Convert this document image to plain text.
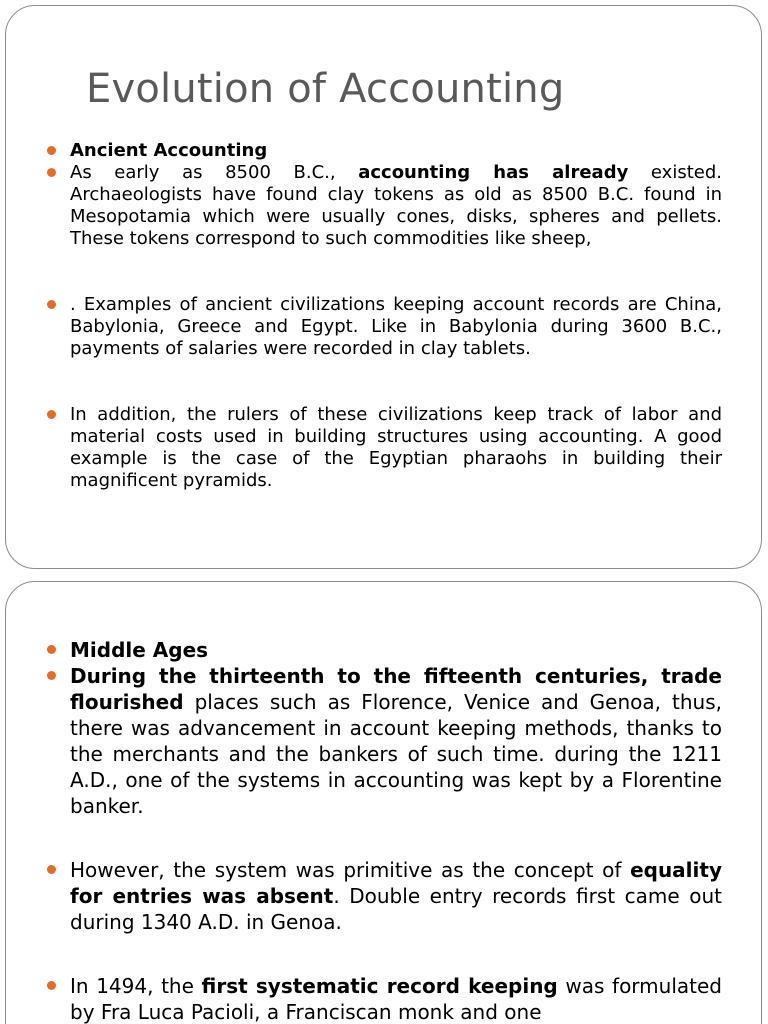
Evolution of Accounting
Ancient Accounting
As early as 8500 B.C., accounting has already existed. Archaeologists have found clay tokens as old as 8500 B.C. found in Mesopotamia which were usually cones, disks, spheres and pellets. These tokens correspond to such commodities like sheep,
. Examples of ancient civilizations keeping account records are China, Babylonia, Greece and Egypt. Like in Babylonia during 3600 B.C., payments of salaries were recorded in clay tablets.
In addition, the rulers of these civilizations keep track of labor and material costs used in building structures using accounting. A good example is the case of the Egyptian pharaohs in building their magnificent pyramids.
Middle Ages
During the thirteenth to the fifteenth centuries, trade flourished places such as Florence, Venice and Genoa, thus, there was advancement in account keeping methods, thanks to the merchants and the bankers of such time. during the 1211 A.D., one of the systems in accounting was kept by a Florentine banker.
However, the system was primitive as the concept of equality for entries was absent. Double entry records first came out during 1340 A.D. in Genoa.
In 1494, the first systematic record keeping was formulated by Fra Luca Pacioli, a Franciscan monk and one
